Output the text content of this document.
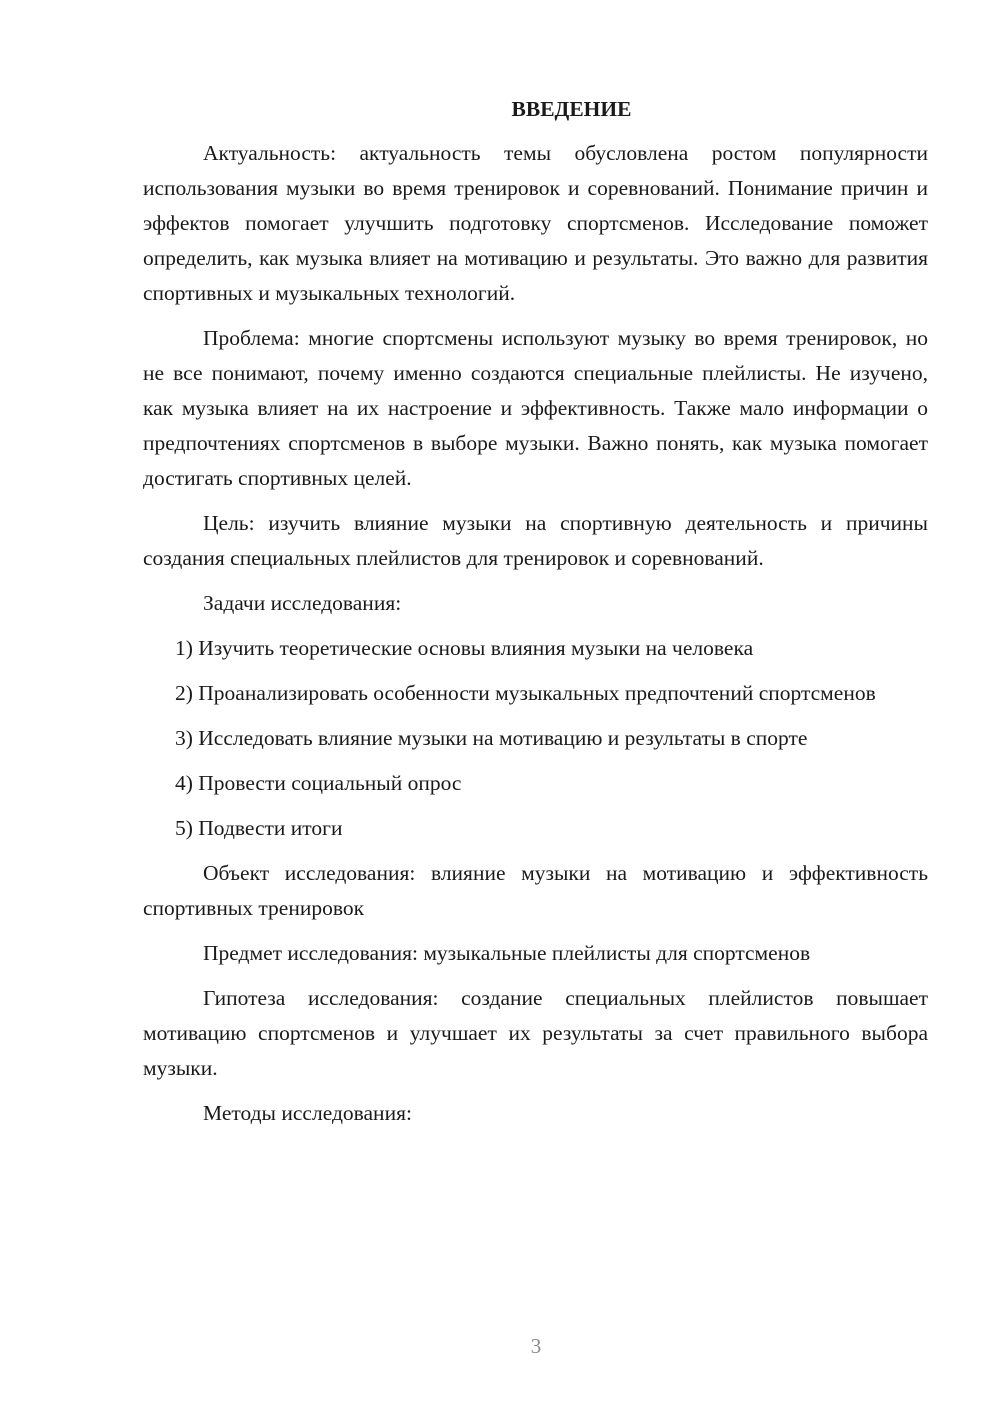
ВВЕДЕНИЕ

Актуальность: актуальность темы обусловлена ростом популярности использования музыки во время тренировок и соревнований. Понимание причин и эффектов помогает улучшить подготовку спортсменов. Исследование поможет определить, как музыка влияет на мотивацию и результаты. Это важно для развития спортивных и музыкальных технологий.

Проблема: многие спортсмены используют музыку во время тренировок, но не все понимают, почему именно создаются специальные плейлисты. Не изучено, как музыка влияет на их настроение и эффективность. Также мало информации о предпочтениях спортсменов в выборе музыки. Важно понять, как музыка помогает достигать спортивных целей.

Цель: изучить влияние музыки на спортивную деятельность и причины создания специальных плейлистов для тренировок и соревнований.

Задачи исследования:

1) Изучить теоретические основы влияния музыки на человека

2) Проанализировать особенности музыкальных предпочтений спортсменов

3) Исследовать влияние музыки на мотивацию и результаты в спорте

4) Провести социальный опрос

5) Подвести итоги

Объект исследования: влияние музыки на мотивацию и эффективность спортивных тренировок

Предмет исследования: музыкальные плейлисты для спортсменов

Гипотеза исследования: создание специальных плейлистов повышает мотивацию спортсменов и улучшает их результаты за счет правильного выбора музыки.

Методы исследования:

3
